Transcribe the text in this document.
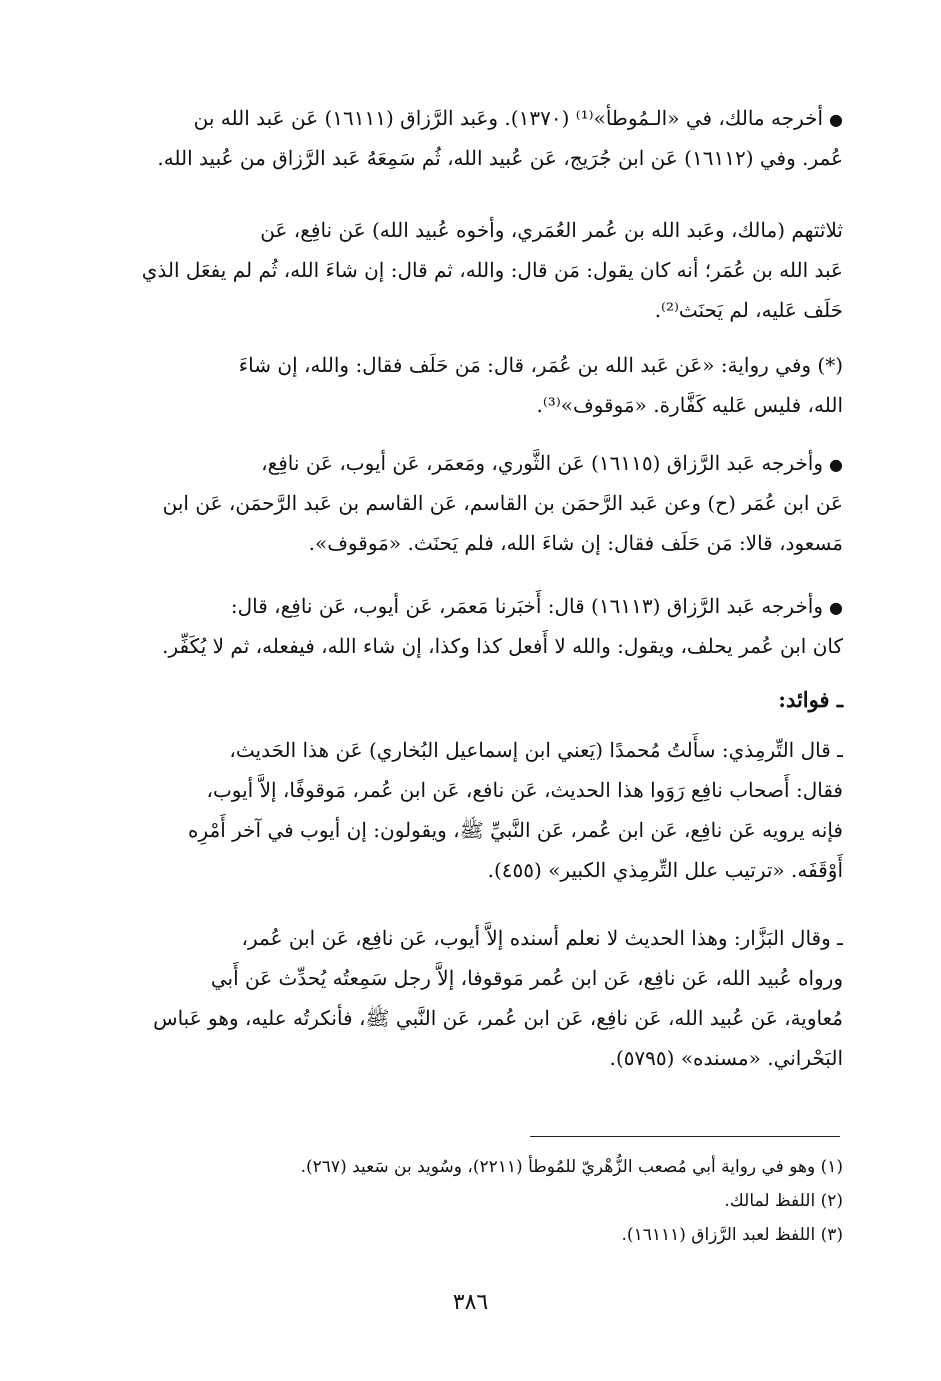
●أخرجه مالك، في «الـمُوطأ»⁽¹⁾ (١٣٧٠). وعَبد الرَّزاق (١٦١١١) عَن عَبد الله بن
عُمر. وفي (١٦١١٢) عَن ابن جُرَيج، عَن عُبيد الله، ثُم سَمِعَهُ عَبد الرَّزاق من عُبيد الله.
ثلاثتهم (مالك، وعَبد الله بن عُمر العُمَري، وأخوه عُبيد الله) عَن نافِع، عَن
عَبد الله بن عُمَر؛ أنه كان يقول: مَن قال: والله، ثم قال: إن شاءَ الله، ثُم لم يفعَل الذي
حَلَف عَليه، لم يَحنَث⁽²⁾.
(*) وفي رواية: «عَن عَبد الله بن عُمَر، قال: مَن حَلَف فقال: والله، إن شاءَ
الله، فليس عَليه كَفَّارة. «مَوقوف»⁽³⁾.
●وأخرجه عَبد الرَّزاق (١٦١١٥) عَن الثَّوري، ومَعمَر، عَن أيوب، عَن نافِع،
عَن ابن عُمَر (ح) وعن عَبد الرَّحمَن بن القاسم، عَن القاسم بن عَبد الرَّحمَن، عَن ابن
مَسعود، قالا: مَن حَلَف فقال: إن شاءَ الله، فلم يَحنَث. «مَوقوف».
●وأخرجه عَبد الرَّزاق (١٦١١٣) قال: أَخبَرنا مَعمَر، عَن أيوب، عَن نافِع، قال:
كان ابن عُمر يحلف، ويقول: والله لا أَفعل كذا وكذا، إن شاء الله، فيفعله، ثم لا يُكَفِّر.
ـ فوائد:
ـ قال التِّرمِذي: سأَلتُ مُحمدًا (يَعني ابن إسماعيل البُخاري) عَن هذا الحَديث،
فقال: أَصحاب نافِع رَوَوا هذا الحديث، عَن نافع، عَن ابن عُمر، مَوقوفًا، إلاَّ أيوب،
فإنه يرويه عَن نافِع، عَن ابن عُمر، عَن النَّبيِّ ﷺ، ويقولون: إن أيوب في آخر أَمْرِه
أَوْقَفَه. «ترتيب علل التِّرمِذي الكبير» (٤٥٥).
ـ وقال البَزَّار: وهذا الحديث لا نعلم أسنده إلاَّ أيوب، عَن نافِع، عَن ابن عُمر،
ورواه عُبيد الله، عَن نافِع، عَن ابن عُمر مَوقوفا، إلاَّ رجل سَمِعتُه يُحدِّث عَن أَبي
مُعاوية، عَن عُبيد الله، عَن نافِع، عَن ابن عُمر، عَن النَّبي ﷺ، فأنكرتُه عليه، وهو عَباس
البَحْراني. «مسنده» (٥٧٩٥).
(١) وهو في رواية أبي مُصعب الزُّهْريّ للمُوطأ (٢٢١١)، وسُويد بن سَعيد (٢٦٧).
(٢) اللفظ لمالك.
(٣) اللفظ لعبد الرَّزاق (١٦١١١).
٣٨٦
